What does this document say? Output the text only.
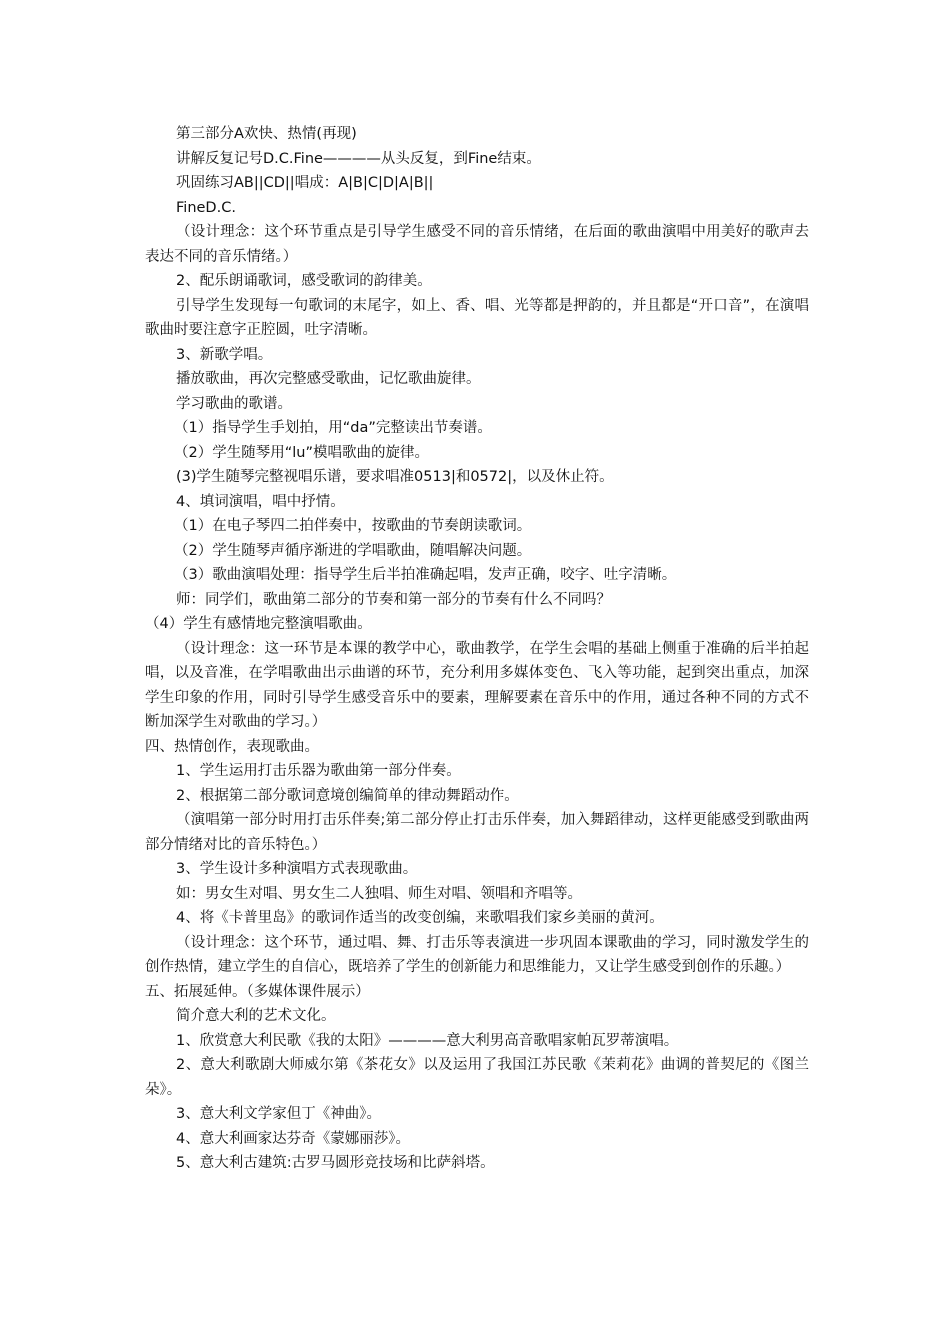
第三部分A欢快、热情(再现)

讲解反复记号D.C.Fine————从头反复，到Fine结束。

巩固练习AB||CD||唱成：A|B|C|D|A|B||

FineD.C.

（设计理念：这个环节重点是引导学生感受不同的音乐情绪，在后面的歌曲演唱中用美好的歌声去表达不同的音乐情绪。）

2、配乐朗诵歌词，感受歌词的韵律美。

引导学生发现每一句歌词的末尾字，如上、香、唱、光等都是押韵的，并且都是“开口音”，在演唱歌曲时要注意字正腔圆，吐字清晰。

3、新歌学唱。

播放歌曲，再次完整感受歌曲，记忆歌曲旋律。

学习歌曲的歌谱。

（1）指导学生手划拍，用“da”完整读出节奏谱。

（2）学生随琴用“lu”模唱歌曲的旋律。

(3)学生随琴完整视唱乐谱，要求唱准0513|和0572|，以及休止符。

4、填词演唱，唱中抒情。

（1）在电子琴四二拍伴奏中，按歌曲的节奏朗读歌词。

（2）学生随琴声循序渐进的学唱歌曲，随唱解决问题。

（3）歌曲演唱处理：指导学生后半拍准确起唱，发声正确，咬字、吐字清晰。

师：同学们，歌曲第二部分的节奏和第一部分的节奏有什么不同吗？

（4）学生有感情地完整演唱歌曲。

（设计理念：这一环节是本课的教学中心，歌曲教学，在学生会唱的基础上侧重于准确的后半拍起唱，以及音准，在学唱歌曲出示曲谱的环节，充分利用多媒体变色、飞入等功能，起到突出重点，加深学生印象的作用，同时引导学生感受音乐中的要素，理解要素在音乐中的作用，通过各种不同的方式不断加深学生对歌曲的学习。）

四、热情创作，表现歌曲。

1、学生运用打击乐器为歌曲第一部分伴奏。

2、根据第二部分歌词意境创编简单的律动舞蹈动作。

（演唱第一部分时用打击乐伴奏;第二部分停止打击乐伴奏，加入舞蹈律动，这样更能感受到歌曲两部分情绪对比的音乐特色。）

3、学生设计多种演唱方式表现歌曲。

如：男女生对唱、男女生二人独唱、师生对唱、领唱和齐唱等。

4、将《卡普里岛》的歌词作适当的改变创编，来歌唱我们家乡美丽的黄河。

（设计理念：这个环节，通过唱、舞、打击乐等表演进一步巩固本课歌曲的学习，同时激发学生的创作热情，建立学生的自信心，既培养了学生的创新能力和思维能力，又让学生感受到创作的乐趣。）

五、拓展延伸。（多媒体课件展示）

简介意大利的艺术文化。

1、欣赏意大利民歌《我的太阳》————意大利男高音歌唱家帕瓦罗蒂演唱。

2、意大利歌剧大师威尔第《茶花女》以及运用了我国江苏民歌《茉莉花》曲调的普契尼的《图兰朵》。

3、意大利文学家但丁《神曲》。

4、意大利画家达芬奇《蒙娜丽莎》。

5、意大利古建筑:古罗马圆形竞技场和比萨斜塔。
